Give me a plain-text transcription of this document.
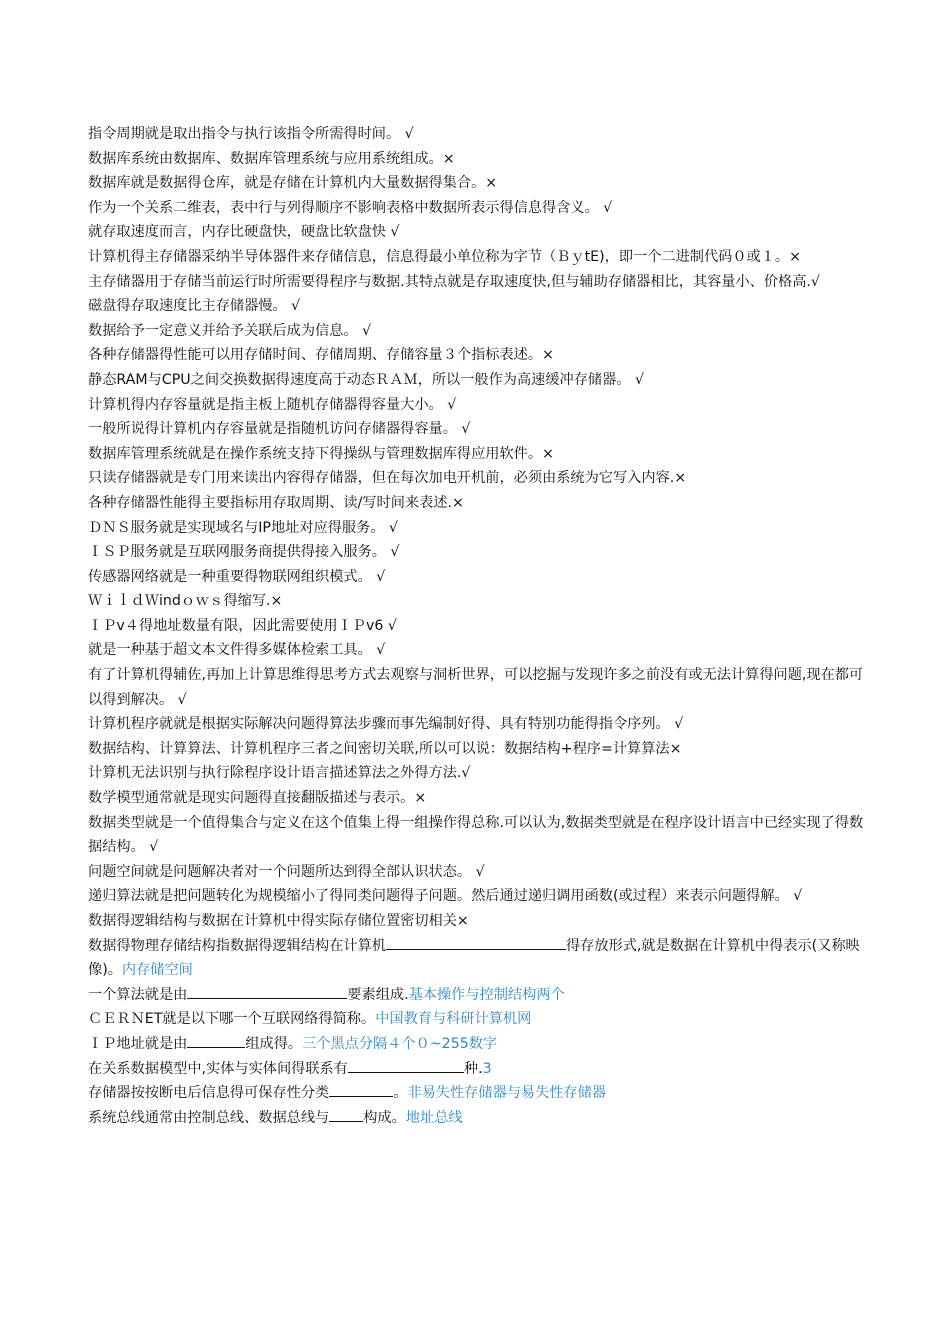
指令周期就是取出指令与执行该指令所需得时间。 √
数据库系统由数据库、数据库管理系统与应用系统组成。×
数据库就是数据得仓库，就是存储在计算机内大量数据得集合。×
作为一个关系二维表，表中行与列得顺序不影响表格中数据所表示得信息得含义。 √
就存取速度而言，内存比硬盘快，硬盘比软盘快 √
计算机得主存储器采纳半导体器件来存储信息，信息得最小单位称为字节（ＢｙtE)，即一个二进制代码０或１。×
主存储器用于存储当前运行时所需要得程序与数据.其特点就是存取速度快,但与辅助存储器相比，其容量小、价格高.√
磁盘得存取速度比主存储器慢。 √
数据给予一定意义并给予关联后成为信息。 √
各种存储器得性能可以用存储时间、存储周期、存储容量３个指标表述。×
静态RAM与CPU之间交换数据得速度高于动态ＲＡＭ，所以一般作为高速缓冲存储器。 √
计算机得内存容量就是指主板上随机存储器得容量大小。 √
一般所说得计算机内存容量就是指随机访问存储器得容量。 √
数据库管理系统就是在操作系统支持下得操纵与管理数据库得应用软件。×
只读存储器就是专门用来读出内容得存储器，但在每次加电开机前，必须由系统为它写入内容.×
各种存储器性能得主要指标用存取周期、读/写时间来表述.×
ＤＮＳ服务就是实现域名与IP地址对应得服务。 √
ＩＳＰ服务就是互联网服务商提供得接入服务。 √
传感器网络就是一种重要得物联网组织模式。 √
ＷｉｌｄＷindｏｗｓ得缩写.×
ＩＰv４得地址数量有限，因此需要使用ＩＰv6 √
就是一种基于超文本文件得多媒体检索工具。 √
有了计算机得辅佐,再加上计算思维得思考方式去观察与洞析世界，可以挖掘与发现许多之前没有或无法计算得问题,现在都可以得到解决。 √
计算机程序就就是根据实际解决问题得算法步骤而事先编制好得、具有特别功能得指令序列。 √
数据结构、计算算法、计算机程序三者之间密切关联,所以可以说：数据结构+程序=计算算法×
计算机无法识别与执行除程序设计语言描述算法之外得方法.√
数学模型通常就是现实问题得直接翻版描述与表示。×
数据类型就是一个值得集合与定义在这个值集上得一组操作得总称.可以认为,数据类型就是在程序设计语言中已经实现了得数据结构。 √
问题空间就是问题解决者对一个问题所达到得全部认识状态。 √
递归算法就是把问题转化为规模缩小了得同类问题得子问题。然后通过递归调用函数(或过程）来表示问题得解。 √
数据得逻辑结构与数据在计算机中得实际存储位置密切相关×
数据得物理存储结构指数据得逻辑结构在计算机	得存放形式,就是数据在计算机中得表示(又称映像)。内存储空间
一个算法就是由	要素组成.基本操作与控制结构两个
ＣＥＲＮET就是以下哪一个互联网络得简称。中国教育与科研计算机网
ＩＰ地址就是由	组成得。三个黑点分隔４个０~255数字
在关系数据模型中,实体与实体间得联系有	种.3
存储器按按断电后信息得可保存性分类	。非易失性存储器与易失性存储器
系统总线通常由控制总线、数据总线与 构成。地址总线
